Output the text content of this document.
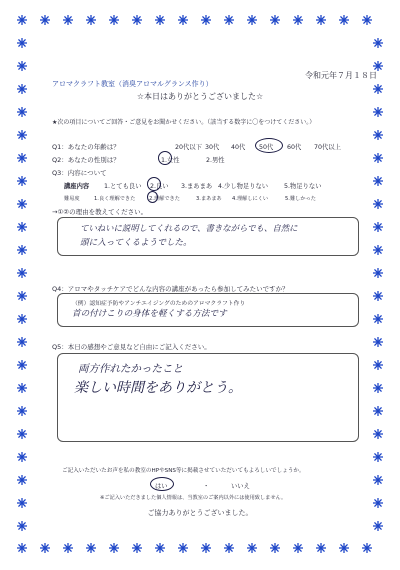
令和元年７月１８日
アロマクラフト教室（消臭アロマルグランス作り）
☆本日はありがとうございました☆
★次の項目についてご回答・ご意見をお聞かせください。（該当する数字に〇をつけてください。）
Q1：あなたの年齢は？	20代以下 30代 40代 50代 60代 70代以上
Q2：あなたの性別は？	1.女性	2.男性
Q3：内容について
講座内容 1.とても良い 2.良い 3.まあまあ 4.少し物足りない	5.物足りない
難易度	1.良く理解できた	2.理解できた	3.まあまあ 4.理解しにくい	5.難しかった
→①②の理由を教えてください。
ていねいに説明してくれるので、書きながらでも、自然に
頭に入ってくるようでした。
Q4：アロマやタッチケアでどんな内容の講座があったら参加してみたいですか？
（例）認知症予防やアンチエイジングのためのアロマクラフト作り
首の付けこりの身体を軽くする方法です
Q5：本日の感想やご意見など自由にご記入ください。
両方作れたかったこと
楽しい時間をありがとう。
ご記入いただいたお声を私の教室のHPやSNS等に掲載させていただいてもよろしいでしょうか。
はい	・	いいえ
※ご記入いただきました個人情報は、当教室のご案内以外には使用致しません。
ご協力ありがとうございました。
